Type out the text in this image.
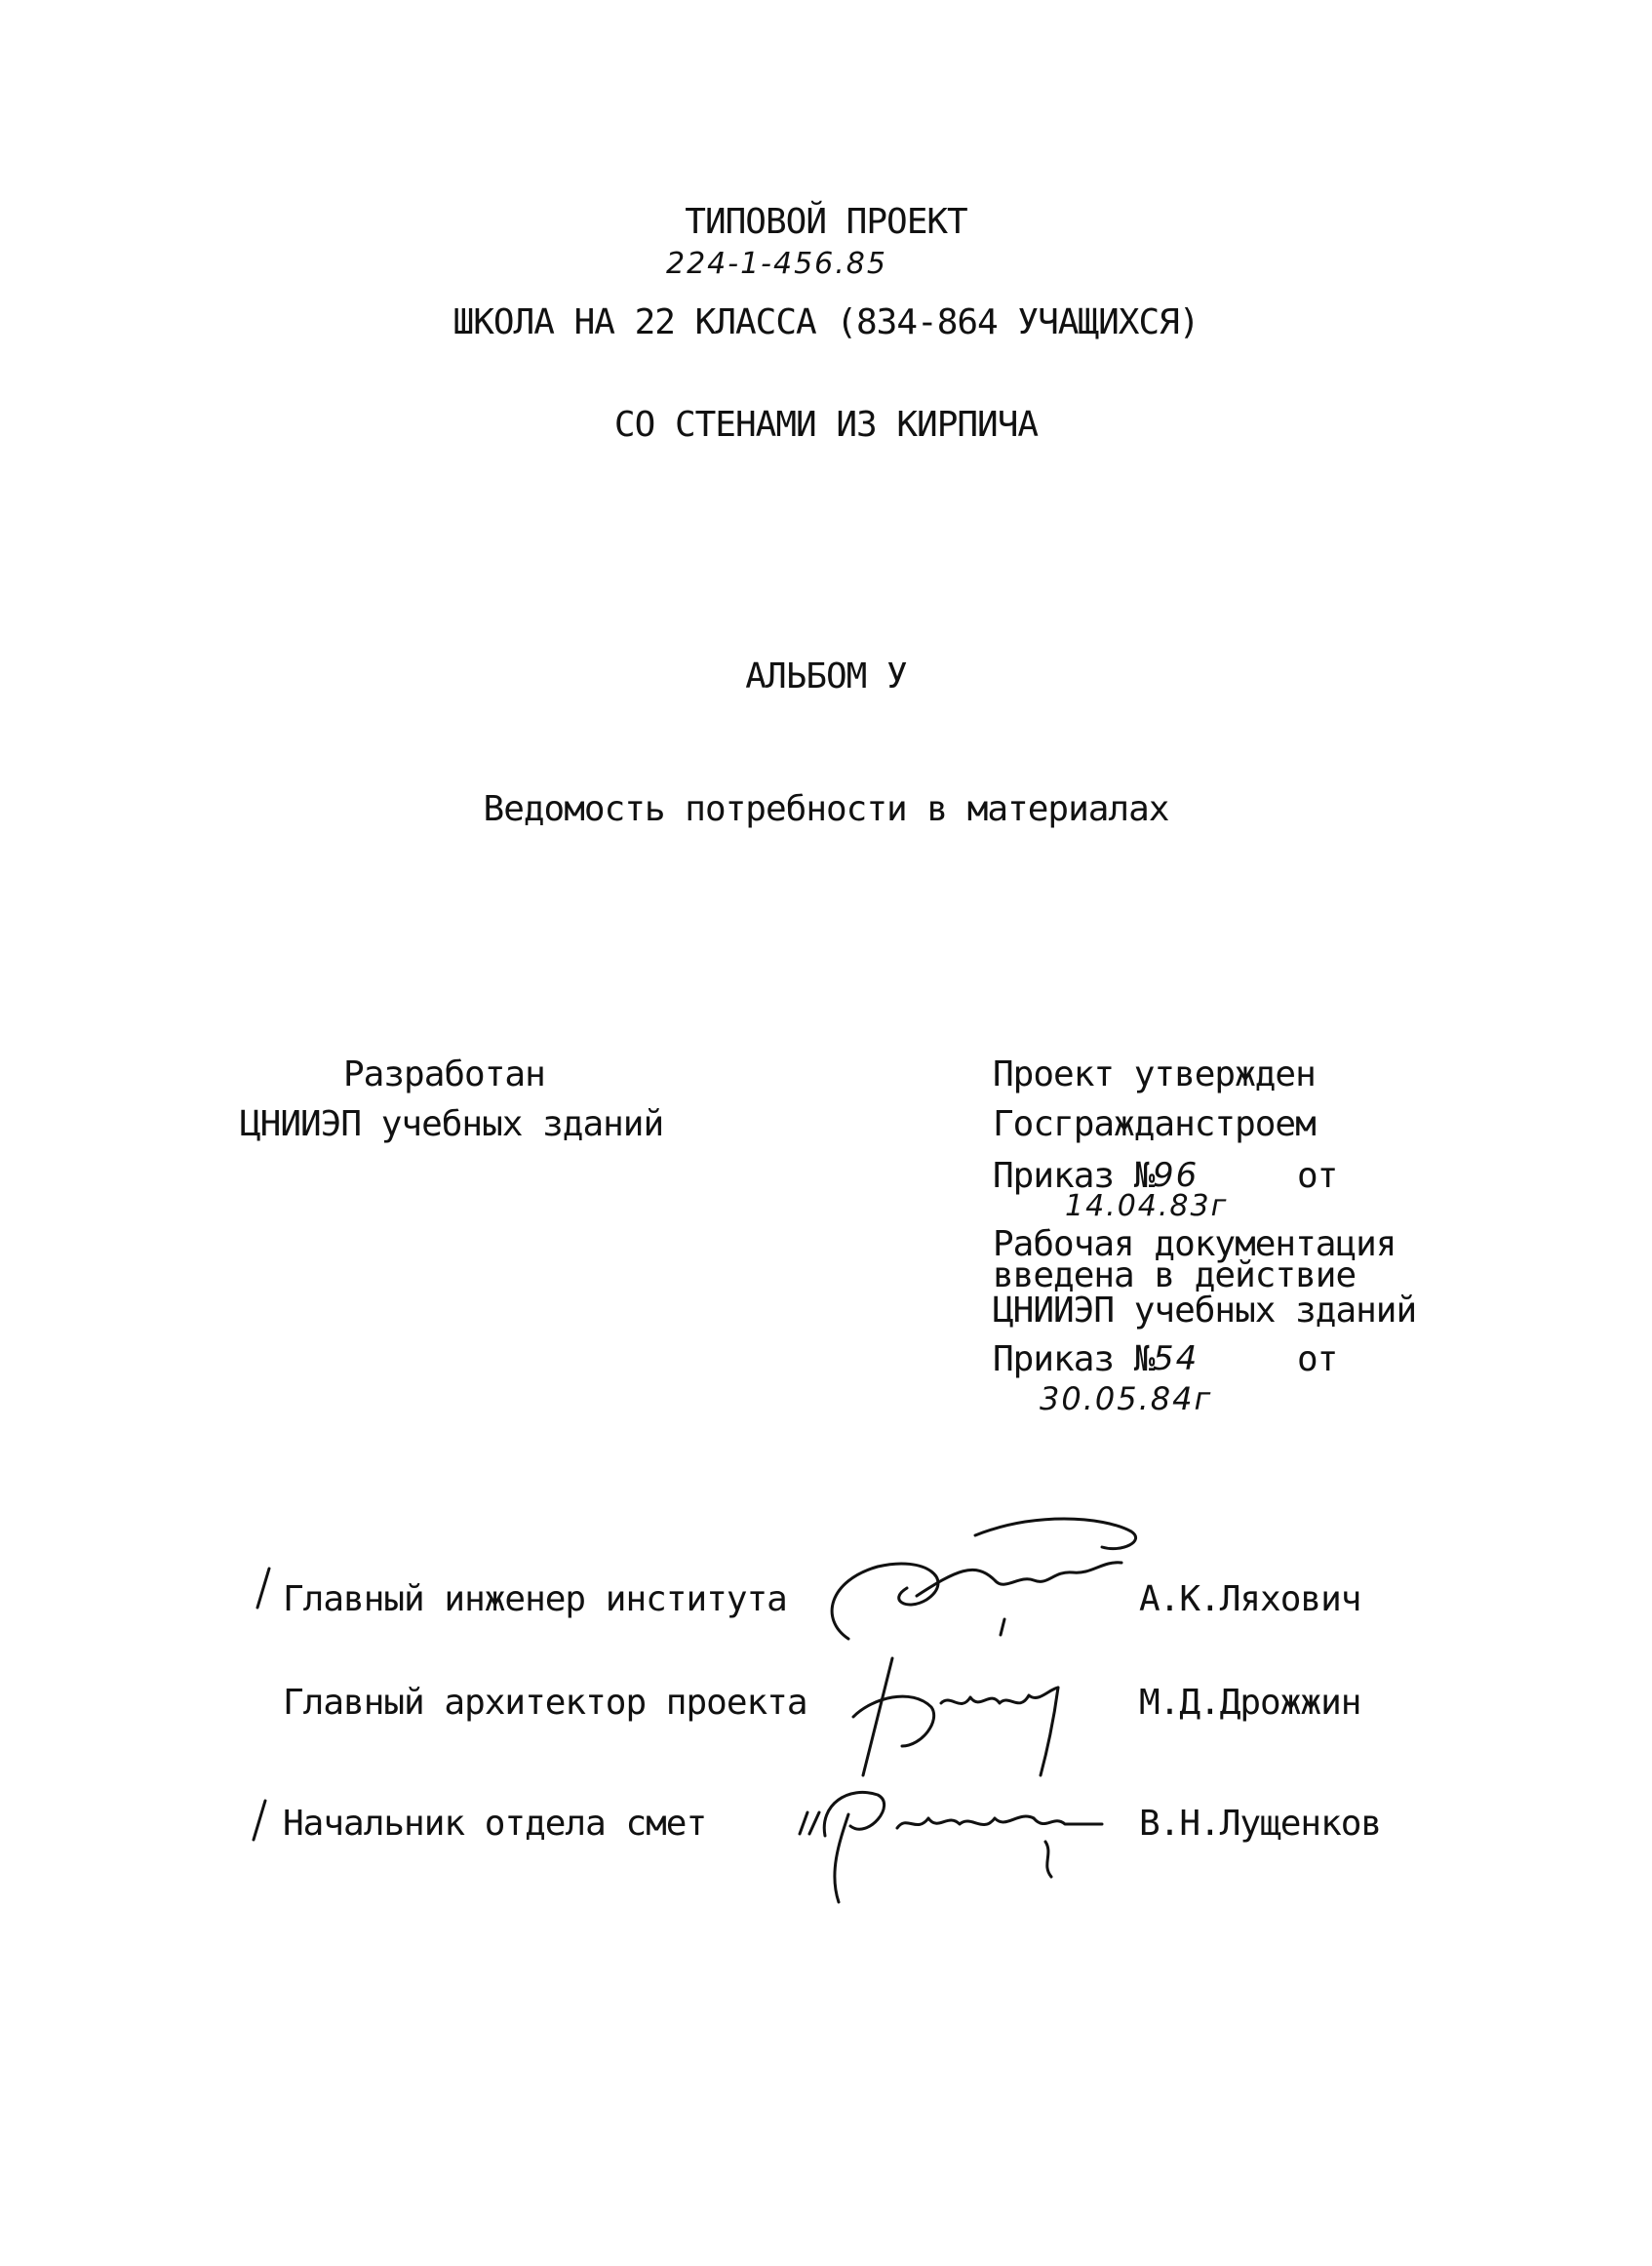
ТИПОВОЙ ПРОЕКТ
224-1-456.85
ШКОЛА НА 22 КЛАССА (834-864 УЧАЩИХСЯ)
СО СТЕНАМИ ИЗ КИРПИЧА
АЛЬБОМ У
Ведомость потребности в материалах
Разработан
ЦНИИЭП учебных зданий
Проект утвержден
Госгражданстроем
Приказ №
96	от
14.04.83г
Рабочая документация
введена в действие
ЦНИИЭП учебных зданий
Приказ №
54	от
30.05.84г
Главный инженер института	А.К.Ляхович
Главный архитектор проекта	М.Д.Дрожжин
Начальник отдела смет	В.Н.Лущенков
